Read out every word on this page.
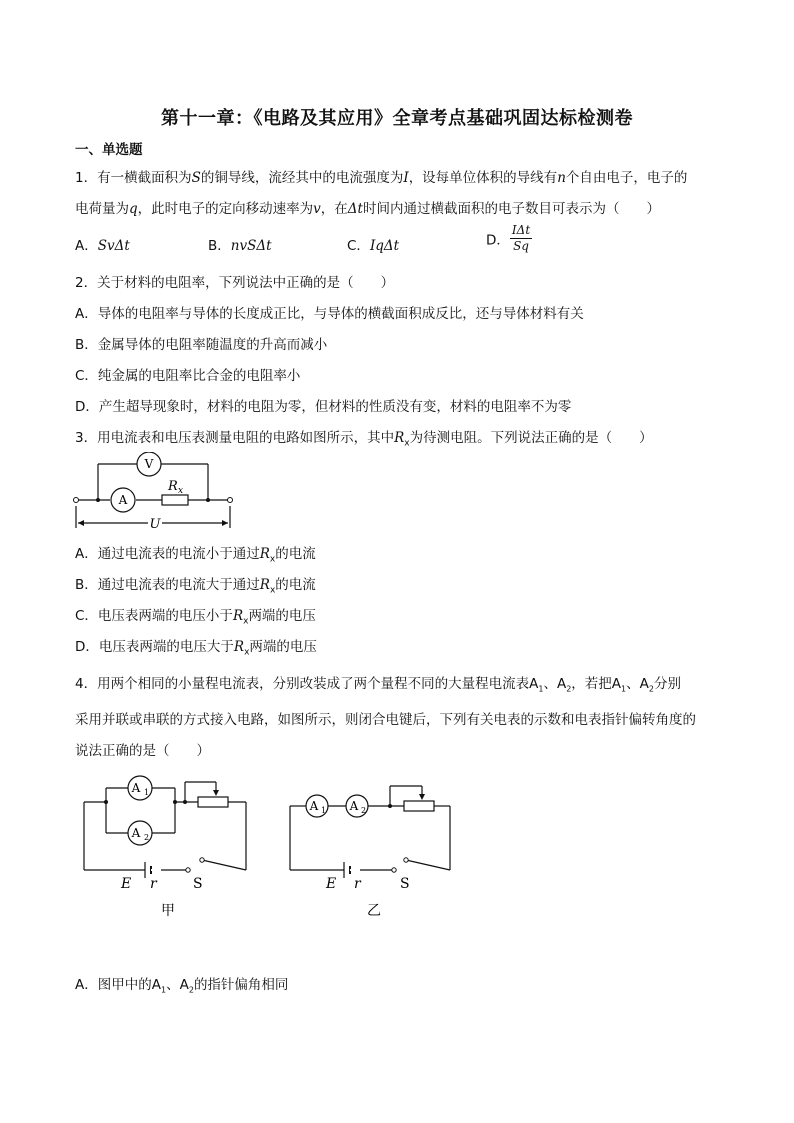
第十一章：《电路及其应用》全章考点基础巩固达标检测卷
一、单选题
1．有一横截面积为S的铜导线，流经其中的电流强度为I，设每单位体积的导线有n个自由电子，电子的
电荷量为q，此时电子的定向移动速率为v，在Δt时间内通过横截面积的电子数目可表示为（　　）
A．SvΔt	B．nvSΔt	C．IqΔt	D． $\frac{\text{IΔt}}{Sq}$
2．关于材料的电阻率，下列说法中正确的是（　　）
A．导体的电阻率与导体的长度成正比，与导体的横截面积成反比，还与导体材料有关
B．金属导体的电阻率随温度的升高而减小
C．纯金属的电阻率比合金的电阻率小
D．产生超导现象时，材料的电阻为零，但材料的性质没有变，材料的电阻率不为零
3．用电流表和电压表测量电阻的电路如图所示，其中$R_x$为待测电阻。下列说法正确的是（　　）
V
A
R x
U
A．通过电流表的电流小于通过$R_x$的电流
B．通过电流表的电流大于通过$R_x$的电流
C．电压表两端的电压小于$R_x$两端的电压
D．电压表两端的电压大于$R_x$两端的电压
4．用两个相同的小量程电流表，分别改装成了两个量程不同的大量程电流表$A_1$、$A_2$，若把$A_1$、$A_2$分别
采用并联或串联的方式接入电路，如图所示，则闭合电键后，下列有关电表的示数和电表指针偏转角度的
说法正确的是（　　）
A 1
A 2
E r	S
甲
A 1 A 2
E r	S
乙
A．图甲中的$A_1$、$A_2$的指针偏角相同
